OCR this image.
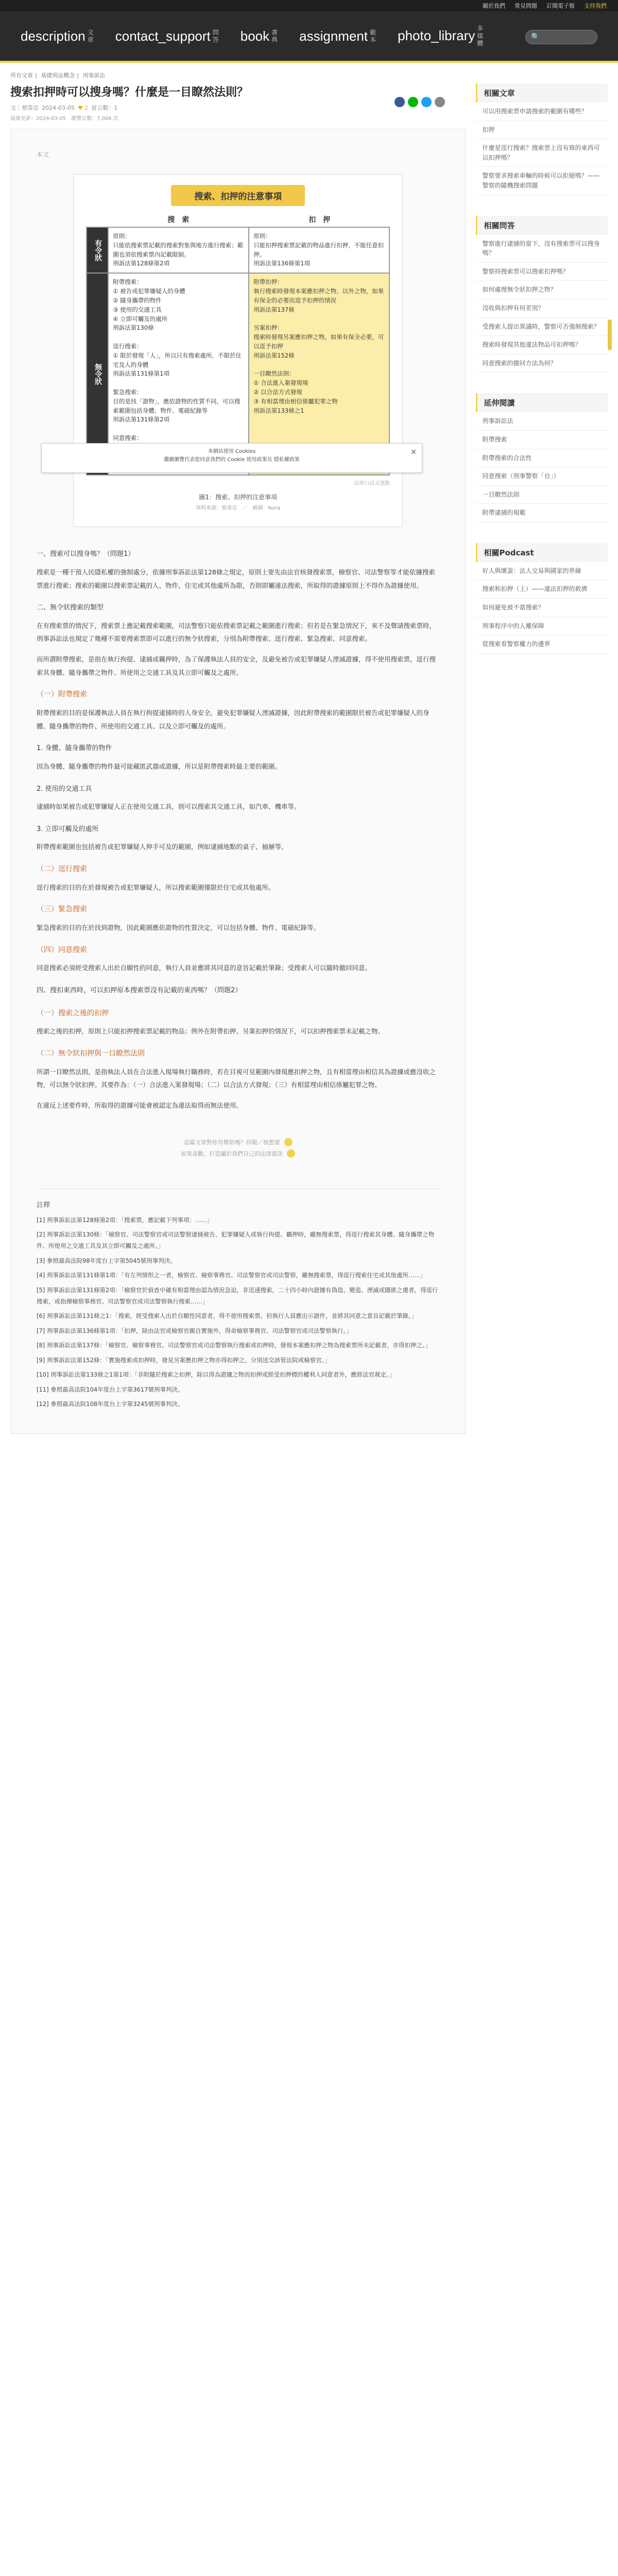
關於我們 常見問題 訂閱電子報 支持我們
description 文章 contact_support 問答 book 書典 assignment 範本 photo_library 多媒體
🔍
所有文章 | 基礎刑法概念 | 刑事訴訟
搜索扣押時可以搜身嗎？什麼是一目瞭然法則？
文｜蔡霈亞 2024-03-05 ♥ 2 留言數：1
最後更新：2024-03-05　瀏覽次數：7,006 次
本文
搜索、扣押的注意事項
搜　索	扣　押
有令狀
原則：
只能依搜索票記載的搜索對象與地方進行搜索；範圍也須依搜索票內記載限制。
刑訴法第128條第2項
原則：
只能扣押搜索票記載的物品進行扣押，不能任意扣押。
刑訴法第136條第1項
無令狀
附帶搜索：
① 被告或犯罪嫌疑人的身體
② 隨身攜帶的物件
③ 使用的交通工具
④ 立即可觸及的處所
刑訴法第130條

逕行搜索：
① 限於發現「人」，所以只有搜索處所，不限於住宅及人的身體
刑訴法第131條第1項

緊急搜索：
目的是找「證物」，應依證物的性質不同，可以搜索範圍包括身體、物件、電磁紀錄等
刑訴法第131條第2項

同意搜索：

附帶扣押：
執行搜索時發現本案應扣押之物，以外之物，如果有保全的必要而逕予扣押的情況
刑訴法第137條

另案扣押：
搜索時發現另案應扣押之物，如果有保全必要，可以逕予扣押
刑訴法第152條

一目瞭然法則：
① 合法進入案發現場
② 以合法方式發現
③ 有相當理由相信係屬犯罪之物
刑訴法第133條之1
法律白話文運動
圖1：搜索、扣押的注意事項
資料來源：蔡霈亞　／　繪圖：Nora
一、搜索可以搜身嗎？（問題1）

搜索是一種干預人民隱私權的強制處分，依據刑事訴訟法第128條之規定，原則上要先由法官核發搜索票，檢察官、司法警察等才能依據搜索票進行搜索；搜索的範圍以搜索票記載的人、物件、住宅或其他處所為限，否則即屬違法搜索，所取得的證據原則上不得作為證據使用。

二、無令狀搜索的類型

在有搜索票的情況下，搜索票上應記載搜索範圍，司法警察只能依搜索票記載之範圍進行搜索；但若是在緊急情況下，來不及聲請搜索票時，刑事訴訟法也規定了幾種不需要搜索票即可以進行的無令狀搜索，分別為附帶搜索、逕行搜索、緊急搜索、同意搜索。

而所謂附帶搜索，是指在執行拘提、逮捕或羈押時，為了保護執法人員的安全，及避免被告或犯罪嫌疑人湮滅證據，得不使用搜索票，逕行搜索其身體、隨身攜帶之物件、所使用之交通工具及其立即可觸及之處所。

（一）附帶搜索

附帶搜索的目的是保護執法人員在執行拘提逮捕時的人身安全，避免犯罪嫌疑人湮滅證據，因此附帶搜索的範圍限於被告或犯罪嫌疑人的身體、隨身攜帶的物件、所使用的交通工具、以及立即可觸及的處所。

1. 身體、隨身攜帶的物件

因為身體、隨身攜帶的物件最可能藏匿武器或證據，所以是附帶搜索時最主要的範圍。

2. 使用的交通工具

逮捕時如果被告或犯罪嫌疑人正在使用交通工具，則可以搜索其交通工具，如汽車、機車等。

3. 立即可觸及的處所

附帶搜索範圍也包括被告或犯罪嫌疑人伸手可及的範圍，例如逮捕地點的桌子、抽屜等。

（二）逕行搜索

逕行搜索的目的在於發現被告或犯罪嫌疑人，所以搜索範圍僅限於住宅或其他處所。

（三）緊急搜索

緊急搜索的目的在於找到證物，因此範圍應依證物的性質決定，可以包括身體、物件、電磁紀錄等。

（四）同意搜索

同意搜索必須經受搜索人出於自願性的同意，執行人員並應將其同意的意旨記載於筆錄；受搜索人可以隨時撤回同意。

四、搜扣東西時，可以扣押原本搜索票沒有記載的東西嗎？（問題2）
（一）搜索之後的扣押

搜索之後的扣押，原則上只能扣押搜索票記載的物品；例外在附帶扣押、另案扣押的情況下，可以扣押搜索票未記載之物。

（二）無令狀扣押與一目瞭然法則

所謂一目瞭然法則，是指執法人員在合法進入現場執行職務時，若在目視可見範圍內發現應扣押之物，且有相當理由相信其為證據或應沒收之物，可以無令狀扣押。其要件為：（一）合法進入案發現場；（二）以合法方式發現；（三）有相當理由相信係屬犯罪之物。

在違反上述要件時，所取得的證據可能會被認定為違法取得而無法使用。

這篇文章對你有幫助嗎？回報／我想要
如果喜歡，打造屬於我們自己的法律資訊
註釋
[1] 刑事訴訟法第128條第2項：「搜索票，應記載下列事項：……」
[2] 刑事訴訟法第130條：「檢察官、司法警察官或司法警察逮捕被告、犯罪嫌疑人或執行拘提、羈押時，雖無搜索票，得逕行搜索其身體、隨身攜帶之物件、所使用之交通工具及其立即可觸及之處所。」
[3] 參照最高法院98年度台上字第5045號刑事判決。
[4] 刑事訴訟法第131條第1項：「有左列情形之一者，檢察官、檢察事務官、司法警察官或司法警察，雖無搜索票，得逕行搜索住宅或其他處所……」
[5] 刑事訴訟法第131條第2項：「檢察官於偵查中確有相當理由認為情況急迫，非迅速搜索，二十四小時內證據有偽造、變造、湮滅或隱匿之虞者，得逕行搜索，或指揮檢察事務官、司法警察官或司法警察執行搜索……」
[6] 刑事訴訟法第131條之1：「搜索，經受搜索人出於自願性同意者，得不使用搜索票。但執行人員應出示證件，並將其同意之意旨記載於筆錄。」
[7] 刑事訴訟法第136條第1項：「扣押，除由法官或檢察官親自實施外，得命檢察事務官、司法警察官或司法警察執行。」
[8] 刑事訴訟法第137條：「檢察官、檢察事務官、司法警察官或司法警察執行搜索或扣押時，發現本案應扣押之物為搜索票所未記載者，亦得扣押之。」
[9] 刑事訴訟法第152條：「實施搜索或扣押時，發見另案應扣押之物亦得扣押之，分別送交該管法院或檢察官。」
[10] 刑事訴訟法第133條之1第1項：「非附隨於搜索之扣押，除以得為證據之物而扣押或經受扣押標的權利人同意者外，應經法官裁定。」
[11] 參照最高法院104年度台上字第3617號刑事判決。
[12] 參照最高法院108年度台上字第3245號刑事判決。
相關文章
可以用搜索票申請搜索的範圍有哪些？
扣押
什麼是逕行搜索？搜索票上沒有寫的東西可以扣押嗎？
警察要求搜索車輛的時候可以拒絕嗎？——警察的隨機搜索問題
相關問答
警察進行逮捕的當下，沒有搜索票可以搜身嗎？
警察持搜索票可以搜索扣押嗎？
如何處理無令狀扣押之物？
沒收與扣押有何差別？
受搜索人提出異議時，警察可否強制搜索？
搜索時發現其他違法物品可扣押嗎？
同意搜索的撤回方法為何？
延伸閱讀
刑事訴訟法
附帶搜索
附帶搜索的合法性
同意搜索（刑事警察「自」）
一目瞭然法則
附帶逮捕的規範
相關Podcast
好人與壞蛋：法人交易與國家的界線
搜索和扣押（上）——違法扣押的救濟
如何避免被不當搜索？
刑事程序中的人權保障
從搜索看警察權力的邊界
本網站使用 Cookies
繼續瀏覽代表您同意我們的 Cookie 使用政策及 隱私權政策
✕
